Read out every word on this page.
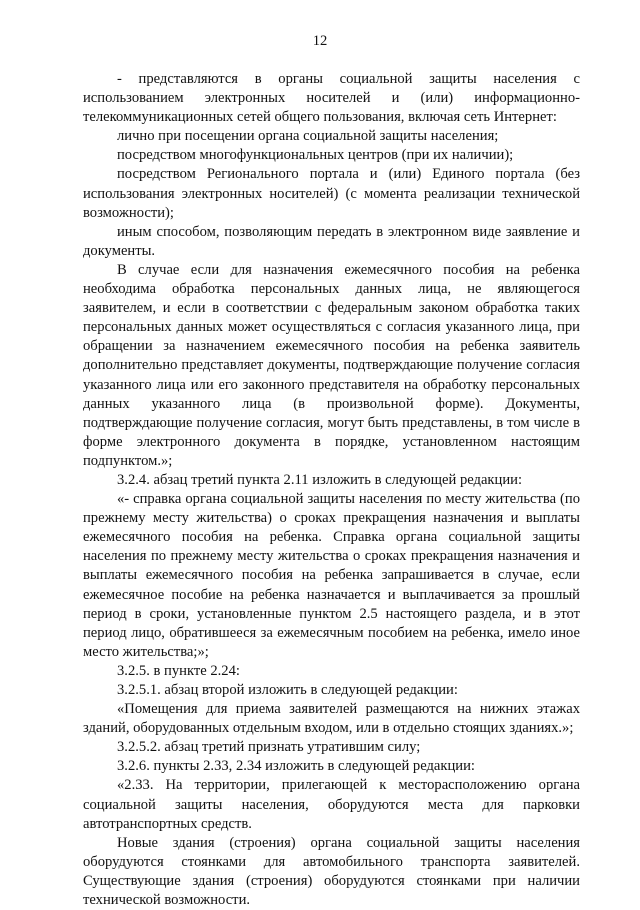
12

- представляются в органы социальной защиты населения с использованием электронных носителей и (или) информационно-телекоммуникационных сетей общего пользования, включая сеть Интернет:

лично при посещении органа социальной защиты населения;

посредством многофункциональных центров (при их наличии);

посредством Регионального портала и (или) Единого портала (без использования электронных носителей) (с момента реализации технической возможности);

иным способом, позволяющим передать в электронном виде заявление и документы.

В случае если для назначения ежемесячного пособия на ребенка необходима обработка персональных данных лица, не являющегося заявителем, и если в соответствии с федеральным законом обработка таких персональных данных может осуществляться с согласия указанного лица, при обращении за назначением ежемесячного пособия на ребенка заявитель дополнительно представляет документы, подтверждающие получение согласия указанного лица или его законного представителя на обработку персональных данных указанного лица (в произвольной форме). Документы, подтверждающие получение согласия, могут быть представлены, в том числе в форме электронного документа в порядке, установленном настоящим подпунктом.»;

3.2.4. абзац третий пункта 2.11 изложить в следующей редакции:

«- справка органа социальной защиты населения по месту жительства (по прежнему месту жительства) о сроках прекращения назначения и выплаты ежемесячного пособия на ребенка. Справка органа социальной защиты населения по прежнему месту жительства о сроках прекращения назначения и выплаты ежемесячного пособия на ребенка запрашивается в случае, если ежемесячное пособие на ребенка назначается и выплачивается за прошлый период в сроки, установленные пунктом 2.5 настоящего раздела, и в этот период лицо, обратившееся за ежемесячным пособием на ребенка, имело иное место жительства;»;

3.2.5. в пункте 2.24:

3.2.5.1. абзац второй изложить в следующей редакции:

«Помещения для приема заявителей размещаются на нижних этажах зданий, оборудованных отдельным входом, или в отдельно стоящих зданиях.»;

3.2.5.2. абзац третий признать утратившим силу;

3.2.6. пункты 2.33, 2.34 изложить в следующей редакции:

«2.33. На территории, прилегающей к месторасположению органа социальной защиты населения, оборудуются места для парковки автотранспортных средств.

Новые здания (строения) органа социальной защиты населения оборудуются стоянками для автомобильного транспорта заявителей. Существующие здания (строения) оборудуются стоянками при наличии технической возможности.
